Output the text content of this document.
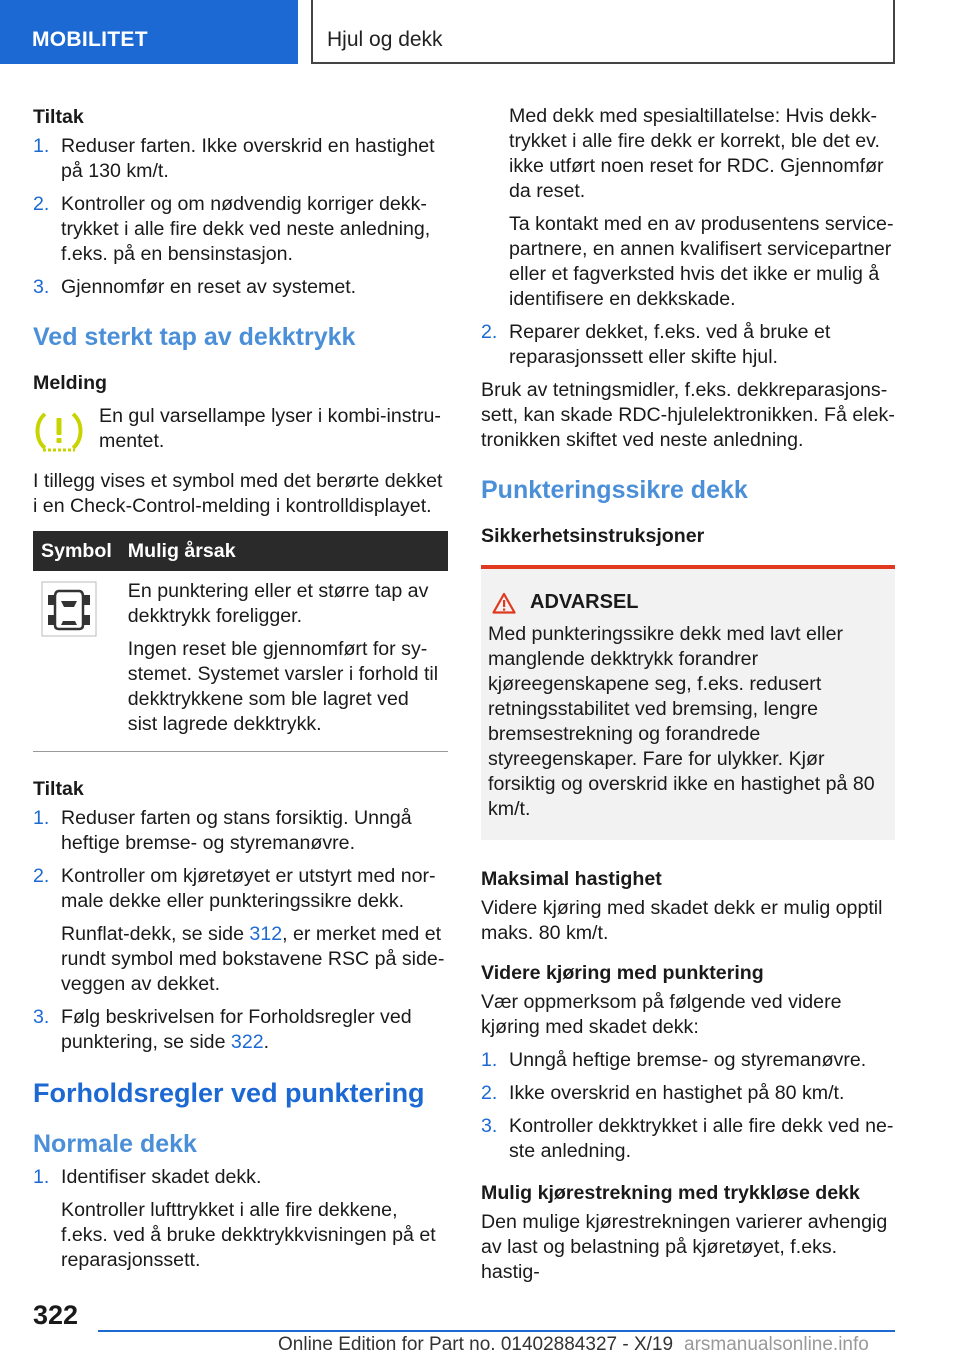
MOBILITET	Hjul og dekk
Tiltak
1. Reduser farten. Ikke overskrid en hastighet på 130 km/t.
2. Kontroller og om nødvendig korriger dekktrykket i alle fire dekk ved neste anledning, f.eks. på en bensinstasjon.
3. Gjennomfør en reset av systemet.
Ved sterkt tap av dekktrykk
Melding

En gul varsellampe lyser i kombi-instrumentet.

I tillegg vises et symbol med det berørte dekket i en Check-Control-melding i kontrolldisplayet.

Symbol	Mulig årsak

En punktering eller et større tap av dekktrykk foreligger.

Ingen reset ble gjennomført for systemet. Systemet varsler i forhold til dekktrykkene som ble lagret ved sist lagrede dekktrykk.

Tiltak
1. Reduser farten og stans forsiktig. Unngå heftige bremse- og styremanøvre.
2. Kontroller om kjøretøyet er utstyrt med normale dekke eller punkteringssikre dekk.

Runflat-dekk, se side 312, er merket med et rundt symbol med bokstavene RSC på sideveggen av dekket.

3. Følg beskrivelsen for Forholdsregler ved punktering, se side 322.
Forholdsregler ved punktering
Normale dekk
1. Identifiser skadet dekk.

Kontroller lufttrykket i alle fire dekkene, f.eks. ved å bruke dekktrykkvisningen på et reparasjonssett.

Med dekk med spesialtillatelse: Hvis dekktrykket i alle fire dekk er korrekt, ble det ev. ikke utført noen reset for RDC. Gjennomfør da reset.

Ta kontakt med en av produsentens servicepartnere, en annen kvalifisert servicepartner eller et fagverksted hvis det ikke er mulig å identifisere en dekkskade.

2. Reparer dekket, f.eks. ved å bruke et reparasjonssett eller skifte hjul.

Bruk av tetningsmidler, f.eks. dekkreparasjonssett, kan skade RDC-hjulelektronikken. Få elektronikken skiftet ved neste anledning.

Punkteringssikre dekk
Sikkerhetsinstruksjoner
ADVARSEL

Med punkteringssikre dekk med lavt eller manglende dekktrykk forandrer kjøreegenskapene seg, f.eks. redusert retningsstabilitet ved bremsing, lengre bremsestrekning og forandrede styreegenskaper. Fare for ulykker. Kjør forsiktig og overskrid ikke en hastighet på 80 km/t.

Maksimal hastighet

Videre kjøring med skadet dekk er mulig opptil maks. 80 km/t.

Videre kjøring med punktering

Vær oppmerksom på følgende ved videre kjøring med skadet dekk:

1. Unngå heftige bremse- og styremanøvre.
2. Ikke overskrid en hastighet på 80 km/t.
3. Kontroller dekktrykket i alle fire dekk ved neste anledning.
Mulig kjørestrekning med trykkløse dekk

Den mulige kjørestrekningen varierer avhengig av last og belastning på kjøretøyet, f.eks. hastig-

322
Online Edition for Part no. 01402884327 - X/19 arsmanualsonline.info
